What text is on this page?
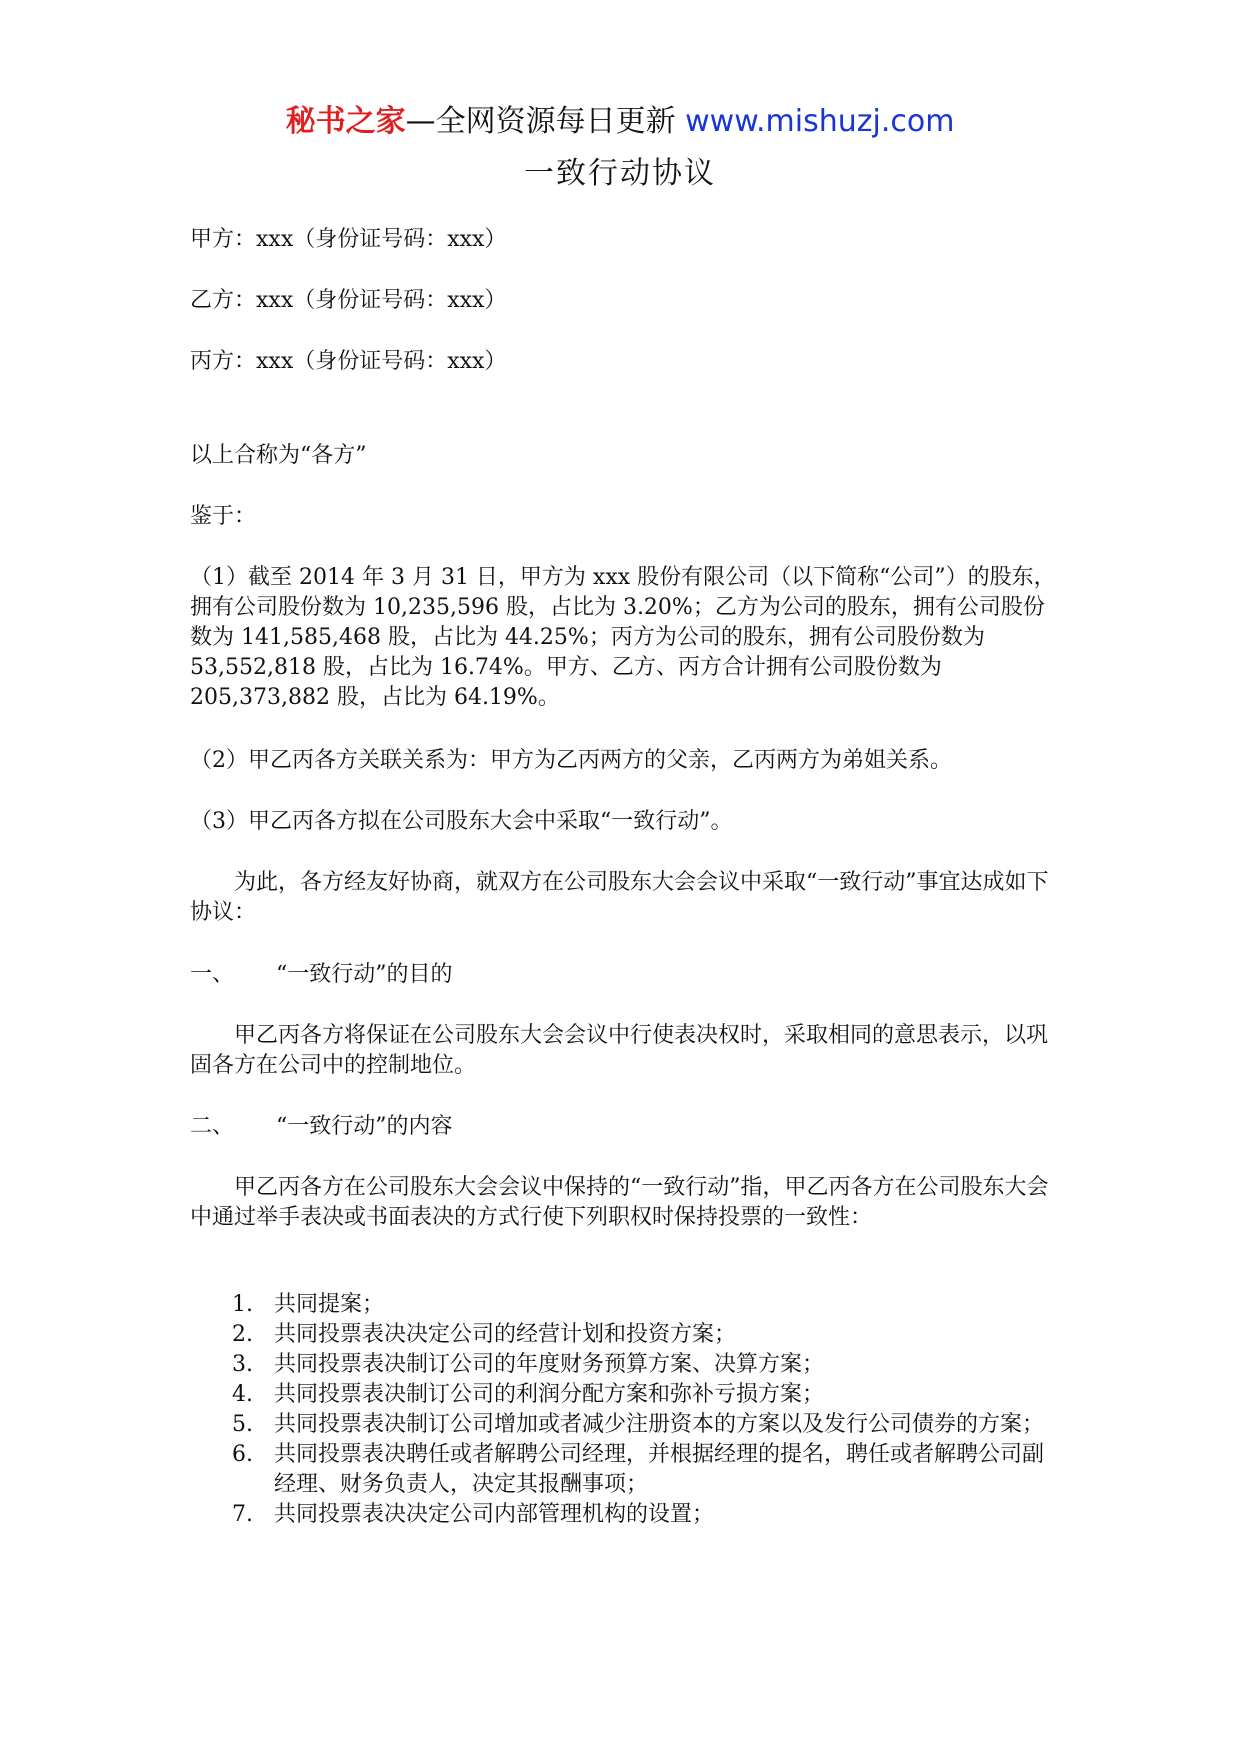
秘书之家—全网资源每日更新 www.mishuzj.com
一致行动协议

甲方：xxx（身份证号码：xxx）

乙方：xxx（身份证号码：xxx）

丙方：xxx（身份证号码：xxx）

以上合称为“各方”

鉴于：

（1）截至 2014 年 3 月 31 日，甲方为 xxx 股份有限公司（以下简称“公司”）的股东，拥有公司股份数为 10,235,596 股，占比为 3.20%；乙方为公司的股东，拥有公司股份数为 141,585,468 股，占比为 44.25%；丙方为公司的股东，拥有公司股份数为 53,552,818 股，占比为 16.74%。甲方、乙方、丙方合计拥有公司股份数为 205,373,882 股，占比为 64.19%。

（2）甲乙丙各方关联关系为：甲方为乙丙两方的父亲，乙丙两方为弟姐关系。

（3）甲乙丙各方拟在公司股东大会中采取“一致行动”。

为此，各方经友好协商，就双方在公司股东大会会议中采取“一致行动”事宜达成如下协议：

一、 “一致行动”的目的

甲乙丙各方将保证在公司股东大会会议中行使表决权时，采取相同的意思表示，以巩固各方在公司中的控制地位。

二、 “一致行动”的内容

甲乙丙各方在公司股东大会会议中保持的“一致行动”指，甲乙丙各方在公司股东大会中通过举手表决或书面表决的方式行使下列职权时保持投票的一致性：

1. 共同提案；
2. 共同投票表决决定公司的经营计划和投资方案；
3. 共同投票表决制订公司的年度财务预算方案、决算方案；
4. 共同投票表决制订公司的利润分配方案和弥补亏损方案；
5. 共同投票表决制订公司增加或者减少注册资本的方案以及发行公司债券的方案；
6. 共同投票表决聘任或者解聘公司经理，并根据经理的提名，聘任或者解聘公司副经理、财务负责人，决定其报酬事项；
7. 共同投票表决决定公司内部管理机构的设置；
